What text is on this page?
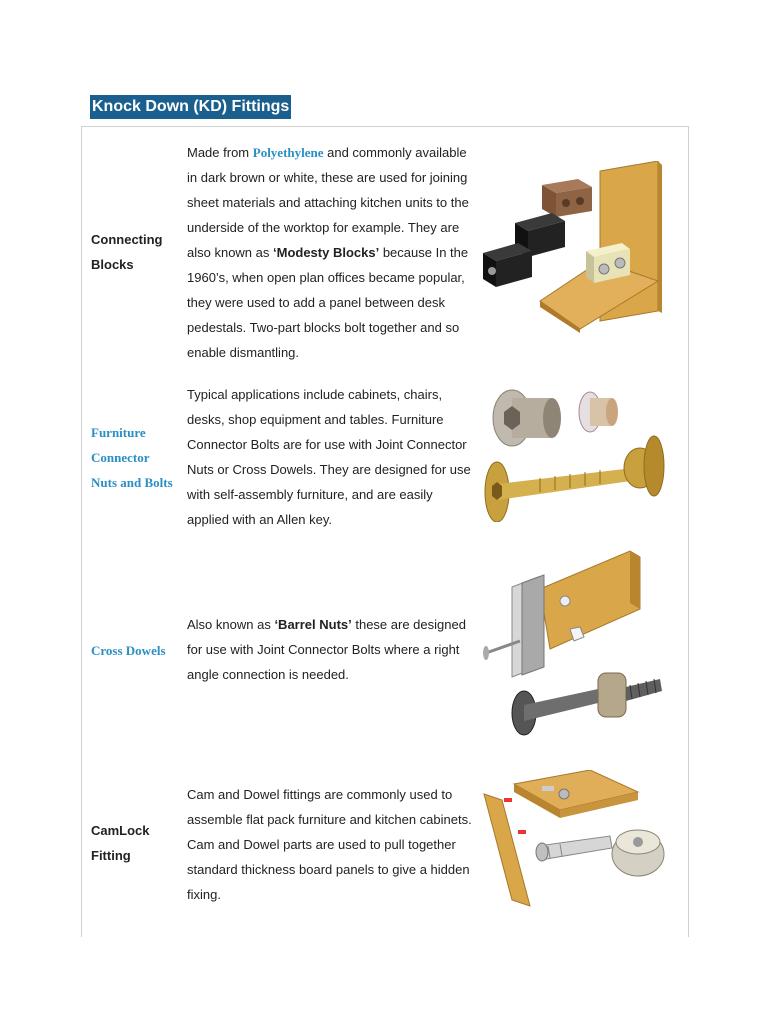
Knock Down (KD) Fittings
Connecting
Blocks
Made from Polyethylene and commonly available in dark brown or white, these are used for joining sheet materials and attaching kitchen units to the underside of the worktop for example. They are also known as ‘Modesty Blocks’ because In the 1960’s, when open plan offices became popular, they were used to add a panel between desk pedestals. Two-part blocks bolt together and so enable dismantling.
Furniture
Connector
Nuts and Bolts
Typical applications include cabinets, chairs, desks, shop equipment and tables. Furniture Connector Bolts are for use with Joint Connector Nuts or Cross Dowels. They are designed for use with self-assembly furniture, and are easily applied with an Allen key.
Cross Dowels
Also known as ‘Barrel Nuts’ these are designed for use with Joint Connector Bolts where a right angle connection is needed.
CamLock
Fitting
Cam and Dowel fittings are commonly used to assemble flat pack furniture and kitchen cabinets. Cam and Dowel parts are used to pull together standard thickness board panels to give a hidden fixing.
